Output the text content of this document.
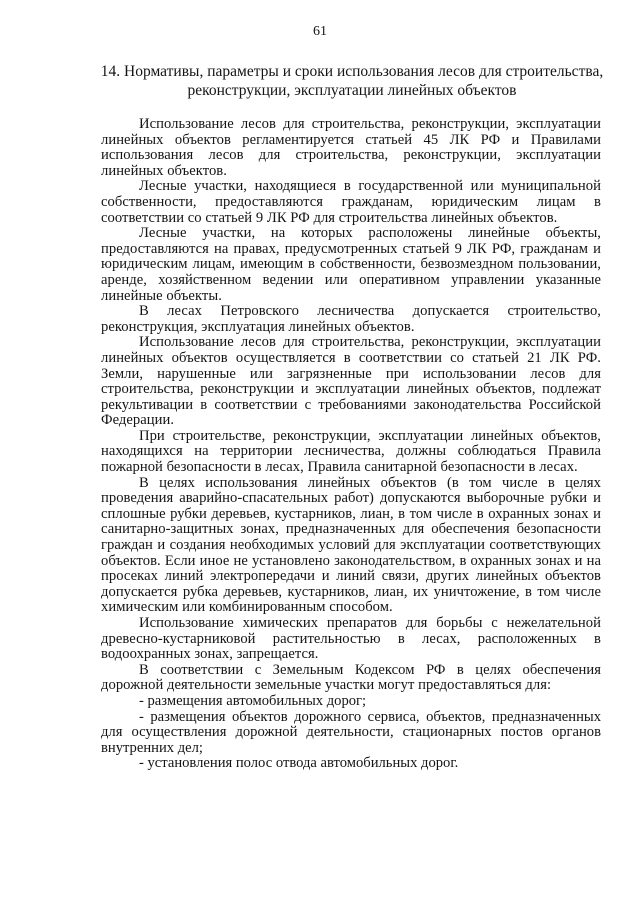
61
14. Нормативы, параметры и сроки использования лесов для строительства,
реконструкции, эксплуатации линейных объектов

Использование лесов для строительства, реконструкции, эксплуатации линейных объектов регламентируется статьей 45 ЛК РФ и Правилами использования лесов для строительства, реконструкции, эксплуатации линейных объектов.

Лесные участки, находящиеся в государственной или муниципальной собственности, предоставляются гражданам, юридическим лицам в соответствии со статьей 9 ЛК РФ для строительства линейных объектов.

Лесные участки, на которых расположены линейные объекты, предоставляются на правах, предусмотренных статьей 9 ЛК РФ, гражданам и юридическим лицам, имеющим в собственности, безвозмездном пользовании, аренде, хозяйственном ведении или оперативном управлении указанные линейные объекты.

В лесах Петровского лесничества допускается строительство, реконструкция, эксплуатация линейных объектов.

Использование лесов для строительства, реконструкции, эксплуатации линейных объектов осуществляется в соответствии со статьей 21 ЛК РФ. Земли, нарушенные или загрязненные при использовании лесов для строительства, реконструкции и эксплуатации линейных объектов, подлежат рекультивации в соответствии с требованиями законодательства Российской Федерации.

При строительстве, реконструкции, эксплуатации линейных объектов, находящихся на территории лесничества, должны соблюдаться Правила пожарной безопасности в лесах, Правила санитарной безопасности в лесах.

В целях использования линейных объектов (в том числе в целях проведения аварийно-спасательных работ) допускаются выборочные рубки и сплошные рубки деревьев, кустарников, лиан, в том числе в охранных зонах и санитарно-защитных зонах, предназначенных для обеспечения безопасности граждан и создания необходимых условий для эксплуатации соответствующих объектов. Если иное не установлено законодательством, в охранных зонах и на просеках линий электропередачи и линий связи, других линейных объектов допускается рубка деревьев, кустарников, лиан, их уничтожение, в том числе химическим или комбинированным способом.

Использование химических препаратов для борьбы с нежелательной древесно-кустарниковой растительностью в лесах, расположенных в водоохранных зонах, запрещается.

В соответствии с Земельным Кодексом РФ в целях обеспечения дорожной деятельности земельные участки могут предоставляться для:

- размещения автомобильных дорог;

- размещения объектов дорожного сервиса, объектов, предназначенных для осуществления дорожной деятельности, стационарных постов органов внутренних дел;

- установления полос отвода автомобильных дорог.
